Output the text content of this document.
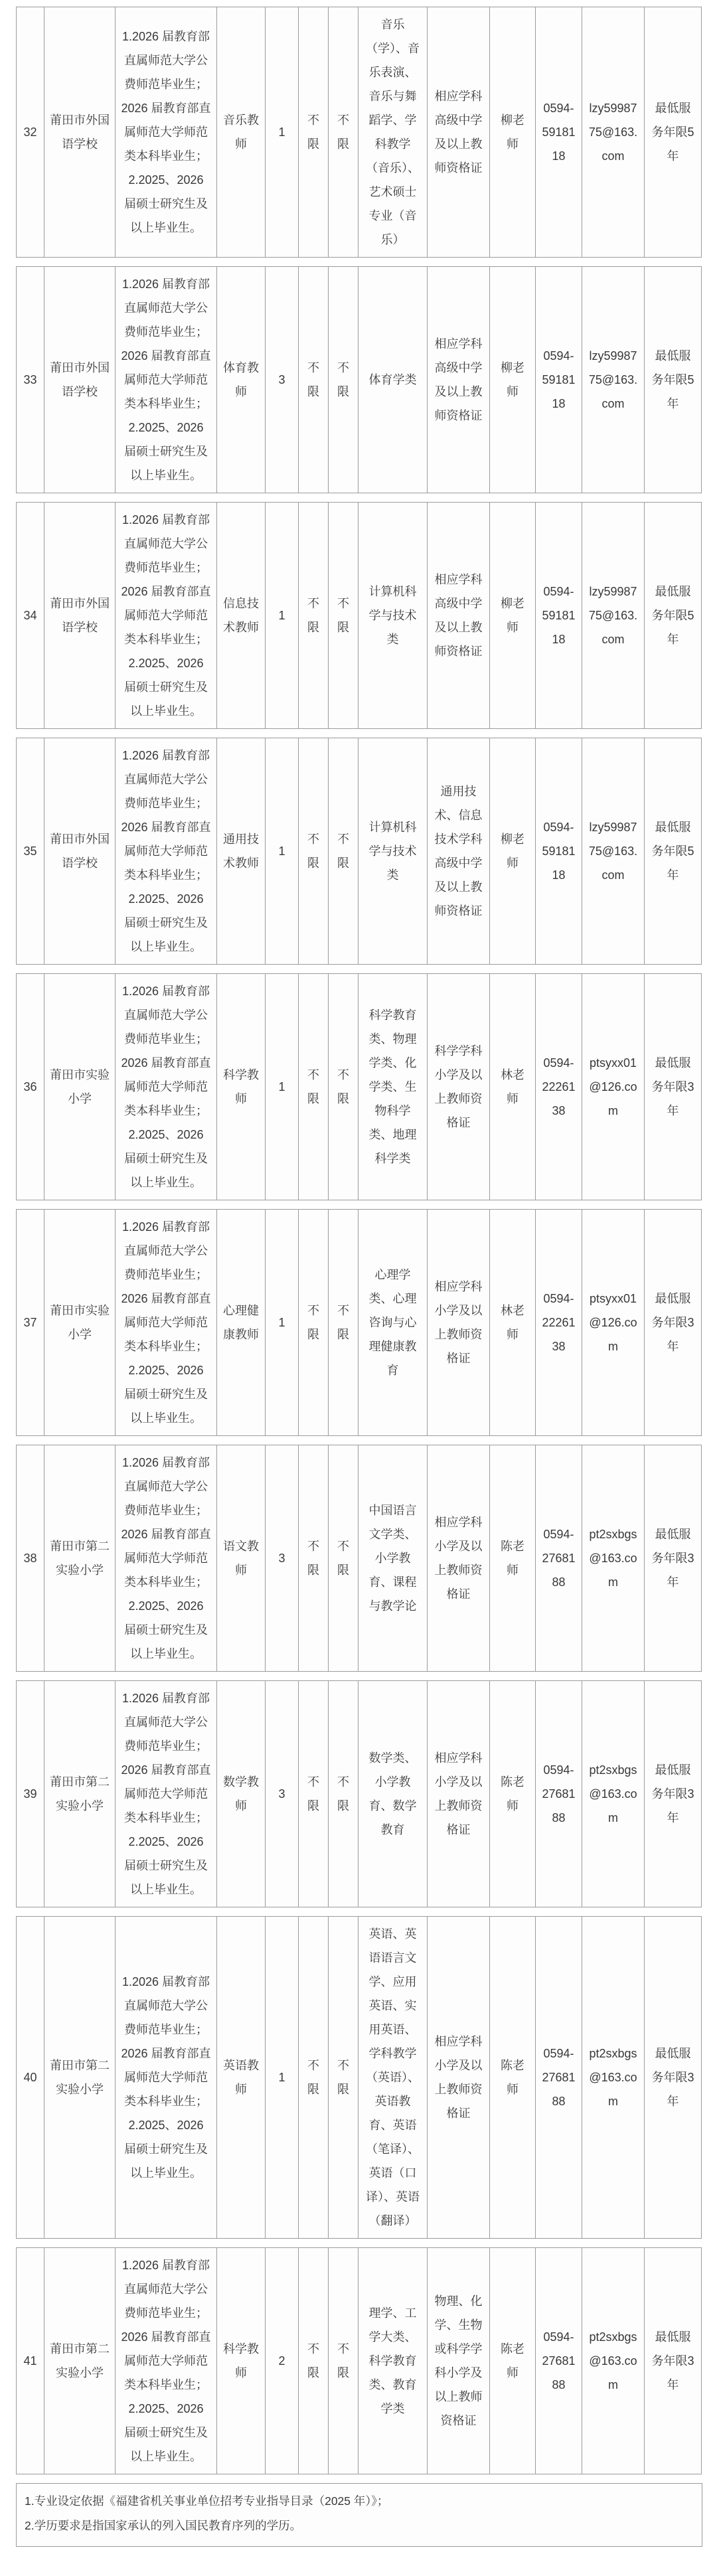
32	莆田市外国语学校	1.2026 届教育部直属师范大学公费师范毕业生；2026 届教育部直属师范大学师范类本科毕业生；2.2025、2026 届硕士研究生及以上毕业生。	音乐教师	1	不限	不限	音乐（学）、音乐表演、音乐与舞蹈学、学科教学（音乐）、艺术硕士专业（音乐）	相应学科高级中学及以上教师资格证	柳老师	0594-5918118	lzy5998775@163.com	最低服务年限5年
33	莆田市外国语学校	1.2026 届教育部直属师范大学公费师范毕业生；2026 届教育部直属师范大学师范类本科毕业生；2.2025、2026 届硕士研究生及以上毕业生。	体育教师	3	不限	不限	体育学类	相应学科高级中学及以上教师资格证	柳老师	0594-5918118	lzy5998775@163.com	最低服务年限5年
34	莆田市外国语学校	1.2026 届教育部直属师范大学公费师范毕业生；2026 届教育部直属师范大学师范类本科毕业生；2.2025、2026 届硕士研究生及以上毕业生。	信息技术教师	1	不限	不限	计算机科学与技术类	相应学科高级中学及以上教师资格证	柳老师	0594-5918118	lzy5998775@163.com	最低服务年限5年
35	莆田市外国语学校	1.2026 届教育部直属师范大学公费师范毕业生；2026 届教育部直属师范大学师范类本科毕业生；2.2025、2026 届硕士研究生及以上毕业生。	通用技术教师	1	不限	不限	计算机科学与技术类	通用技术、信息技术学科高级中学及以上教师资格证	柳老师	0594-5918118	lzy5998775@163.com	最低服务年限5年
36	莆田市实验小学	1.2026 届教育部直属师范大学公费师范毕业生；2026 届教育部直属师范大学师范类本科毕业生；2.2025、2026 届硕士研究生及以上毕业生。	科学教师	1	不限	不限	科学教育类、物理学类、化学类、生物科学类、地理科学类	科学学科小学及以上教师资格证	林老师	0594-2226138	ptsyxx01@126.com	最低服务年限3年
37	莆田市实验小学	1.2026 届教育部直属师范大学公费师范毕业生；2026 届教育部直属师范大学师范类本科毕业生；2.2025、2026 届硕士研究生及以上毕业生。	心理健康教师	1	不限	不限	心理学类、心理咨询与心理健康教育	相应学科小学及以上教师资格证	林老师	0594-2226138	ptsyxx01@126.com	最低服务年限3年
38	莆田市第二实验小学	1.2026 届教育部直属师范大学公费师范毕业生；2026 届教育部直属师范大学师范类本科毕业生；2.2025、2026 届硕士研究生及以上毕业生。	语文教师	3	不限	不限	中国语言文学类、小学教育、课程与教学论	相应学科小学及以上教师资格证	陈老师	0594-2768188	pt2sxbgs@163.com	最低服务年限3年
39	莆田市第二实验小学	1.2026 届教育部直属师范大学公费师范毕业生；2026 届教育部直属师范大学师范类本科毕业生；2.2025、2026 届硕士研究生及以上毕业生。	数学教师	3	不限	不限	数学类、小学教育、数学教育	相应学科小学及以上教师资格证	陈老师	0594-2768188	pt2sxbgs@163.com	最低服务年限3年
40	莆田市第二实验小学	1.2026 届教育部直属师范大学公费师范毕业生；2026 届教育部直属师范大学师范类本科毕业生；2.2025、2026 届硕士研究生及以上毕业生。	英语教师	1	不限	不限	英语、英语语言文学、应用英语、实用英语、学科教学（英语）、英语教育、英语（笔译）、英语（口译）、英语（翻译）	相应学科小学及以上教师资格证	陈老师	0594-2768188	pt2sxbgs@163.com	最低服务年限3年
41	莆田市第二实验小学	1.2026 届教育部直属师范大学公费师范毕业生；2026 届教育部直属师范大学师范类本科毕业生；2.2025、2026 届硕士研究生及以上毕业生。	科学教师	2	不限	不限	理学、工学大类、科学教育类、教育学类	物理、化学、生物或科学学科小学及以上教师资格证	陈老师	0594-2768188	pt2sxbgs@163.com	最低服务年限3年
1.专业设定依据《福建省机关事业单位招考专业指导目录（2025 年）》；
2.学历要求是指国家承认的列入国民教育序列的学历。
